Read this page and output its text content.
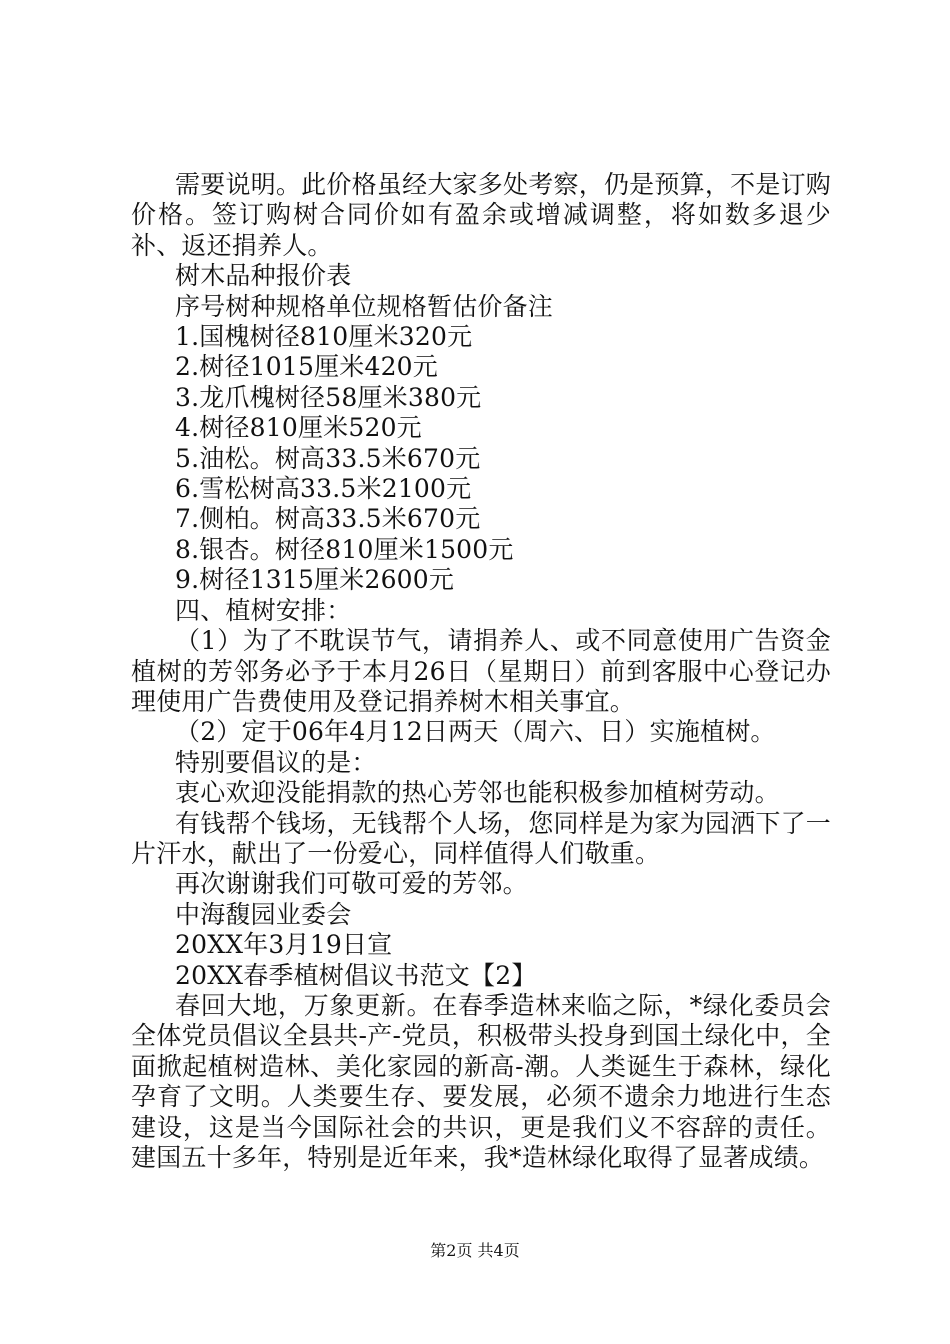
需要说明。此价格虽经大家多处考察，仍是预算，不是订购价格。签订购树合同价如有盈余或增减调整，将如数多退少补、返还捐养人。

树木品种报价表

序号树种规格单位规格暂估价备注

1.国槐树径810厘米320元

2.树径1015厘米420元

3.龙爪槐树径58厘米380元

4.树径810厘米520元

5.油松。树高33.5米670元

6.雪松树高33.5米2100元

7.侧柏。树高33.5米670元

8.银杏。树径810厘米1500元

9.树径1315厘米2600元

四、植树安排：

（1）为了不耽误节气，请捐养人、或不同意使用广告资金植树的芳邻务必予于本月26日（星期日）前到客服中心登记办理使用广告费使用及登记捐养树木相关事宜。

（2）定于06年4月12日两天（周六、日）实施植树。

特别要倡议的是：

衷心欢迎没能捐款的热心芳邻也能积极参加植树劳动。

有钱帮个钱场，无钱帮个人场，您同样是为家为园洒下了一片汗水，献出了一份爱心，同样值得人们敬重。

再次谢谢我们可敬可爱的芳邻。

中海馥园业委会

20XX年3月19日宣

20XX春季植树倡议书范文【2】

春回大地，万象更新。在春季造林来临之际，*绿化委员会全体党员倡议全县共-产-党员，积极带头投身到国土绿化中，全面掀起植树造林、美化家园的新高-潮。人类诞生于森林，绿化孕育了文明。人类要生存、要发展，必须不遗余力地进行生态建设，这是当今国际社会的共识，更是我们义不容辞的责任。建国五十多年，特别是近年来，我*造林绿化取得了显著成绩。

第2页 共4页
